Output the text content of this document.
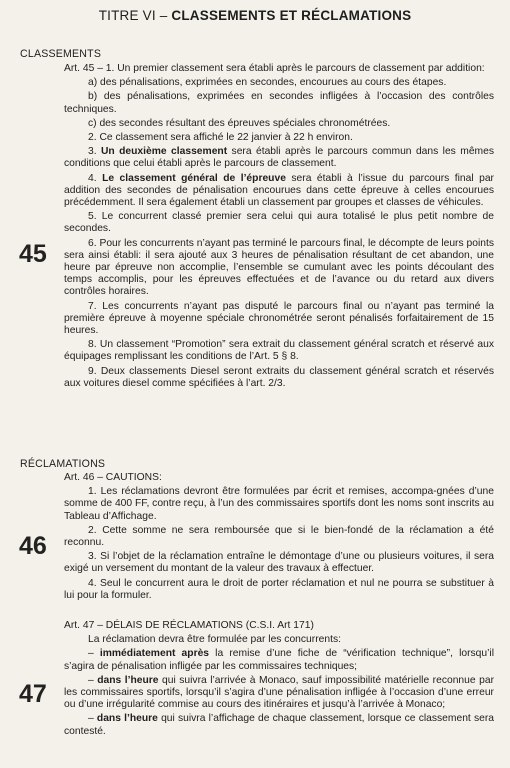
TITRE VI – CLASSEMENTS ET RÉCLAMATIONS
CLASSEMENTS
45

Art. 45 – 1. Un premier classement sera établi après le parcours de classement par addition:

a) des pénalisations, exprimées en secondes, encourues au cours des étapes.

b) des pénalisations, exprimées en secondes infligées à l’occasion des contrôles techniques.

c) des secondes résultant des épreuves spéciales chronométrées.

2. Ce classement sera affiché le 22 janvier à 22 h environ.

3. Un deuxième classement sera établi après le parcours commun dans les mêmes conditions que celui établi après le parcours de classement.

4. Le classement général de l’épreuve sera établi à l’issue du parcours final par addition des secondes de pénalisation encourues dans cette épreuve à celles encourues précédemment. Il sera également établi un classement par groupes et classes de véhicules.

5. Le concurrent classé premier sera celui qui aura totalisé le plus petit nombre de secondes.

6. Pour les concurrents n’ayant pas terminé le parcours final, le décompte de leurs points sera ainsi établi: il sera ajouté aux 3 heures de pénalisation résultant de cet abandon, une heure par épreuve non accomplie, l’ensemble se cumulant avec les points découlant des temps accomplis, pour les épreuves effectuées et de l’avance ou du retard aux divers contrôles horaires.

7. Les concurrents n’ayant pas disputé le parcours final ou n’ayant pas terminé la première épreuve à moyenne spéciale chronométrée seront pénalisés forfaitairement de 15 heures.

8. Un classement “Promotion” sera extrait du classement général scratch et réservé aux équipages remplissant les conditions de l’Art. 5 § 8.

9. Deux classements Diesel seront extraits du classement général scratch et réservés aux voitures diesel comme spécifiées à l’art. 2/3.

RÉCLAMATIONS
46

Art. 46 – CAUTIONS:

1. Les réclamations devront être formulées par écrit et remises, accompa-gnées d’une somme de 400 FF, contre reçu, à l’un des commissaires sportifs dont les noms sont inscrits au Tableau d’Affichage.

2. Cette somme ne sera remboursée que si le bien-fondé de la réclamation a été reconnu.

3. Si l’objet de la réclamation entraîne le démontage d’une ou plusieurs voitures, il sera exigé un versement du montant de la valeur des travaux à effectuer.

4. Seul le concurrent aura le droit de porter réclamation et nul ne pourra se substituer à lui pour la formuler.

47

Art. 47 – DÉLAIS DE RÉCLAMATIONS (C.S.I. Art 171)

La réclamation devra être formulée par les concurrents:

– immédiatement après la remise d’une fiche de “vérification technique”, lorsqu’il s’agira de pénalisation infligée par les commissaires techniques;

– dans l’heure qui suivra l’arrivée à Monaco, sauf impossibilité matérielle reconnue par les commissaires sportifs, lorsqu’il s’agira d’une pénalisation infligée à l’occasion d’une erreur ou d’une irrégularité commise au cours des itinéraires et jusqu’à l’arrivée à Monaco;

– dans l’heure qui suivra l’affichage de chaque classement, lorsque ce classement sera contesté.
